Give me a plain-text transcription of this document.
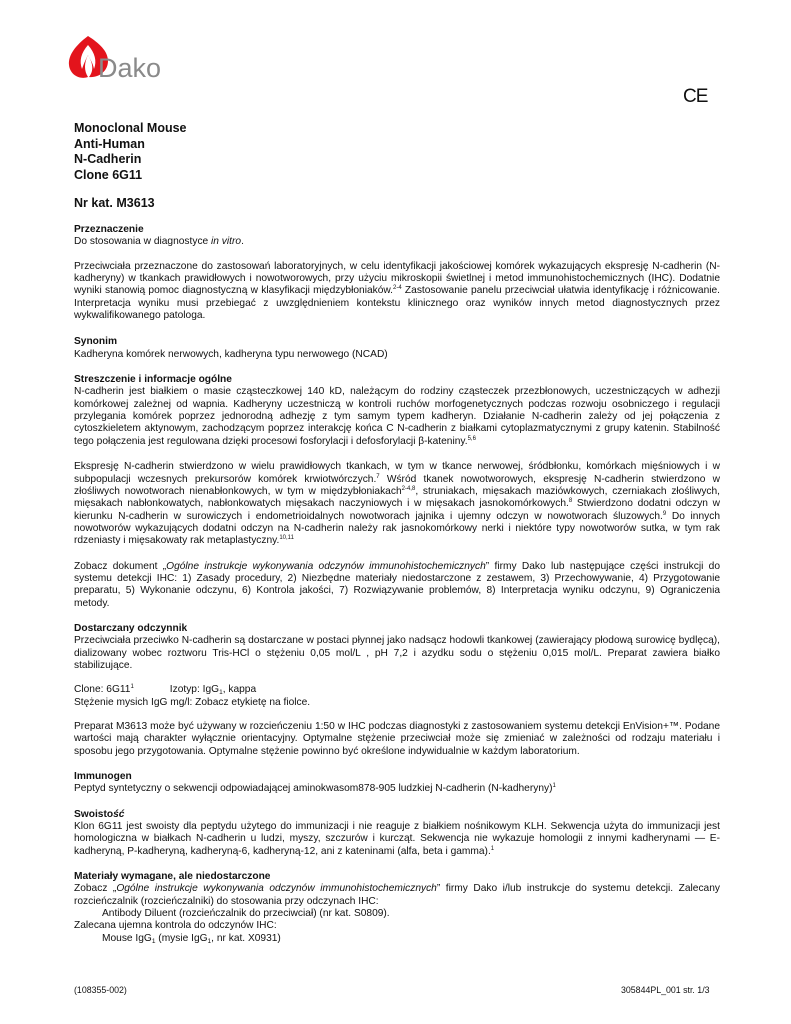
Dako
CE
Monoclonal Mouse
Anti-Human
N-Cadherin
Clone 6G11
Nr kat. M3613
Przeznaczenie

Do stosowania w diagnostyce in vitro.

Przeciwciała przeznaczone do zastosowań laboratoryjnych, w celu identyfikacji jakościowej komórek wykazujących ekspresję N-cadherin (N-kadheryny) w tkankach prawidłowych i nowotworowych, przy użyciu mikroskopii świetlnej i metod immunohistochemicznych (IHC). Dodatnie wyniki stanowią pomoc diagnostyczną w klasyfikacji międzybłoniaków.$^{2-4}$ Zastosowanie panelu przeciwciał ułatwia identyfikację i różnicowanie. Interpretacja wyniku musi przebiegać z uwzględnieniem kontekstu klinicznego oraz wyników innych metod diagnostycznych przez wykwalifikowanego patologa.

Synonim

Kadheryna komórek nerwowych, kadheryna typu nerwowego (NCAD)

Streszczenie i informacje ogólne

N-cadherin jest białkiem o masie cząsteczkowej 140 kD, należącym do rodziny cząsteczek przezbłonowych, uczestniczących w adhezji komórkowej zależnej od wapnia. Kadheryny uczestniczą w kontroli ruchów morfogenetycznych podczas rozwoju osobniczego i regulacji przylegania komórek poprzez jednorodną adhezję z tym samym typem kadheryn. Działanie N-cadherin zależy od jej połączenia z cytoszkieletem aktynowym, zachodzącym poprzez interakcję końca C N-cadherin z białkami cytoplazmatycznymi z grupy katenin. Stabilność tego połączenia jest regulowana dzięki procesowi fosforylacji i defosforylacji β-kateniny.$^{5,6}$

Ekspresję N-cadherin stwierdzono w wielu prawidłowych tkankach, w tym w tkance nerwowej, śródbłonku, komórkach mięśniowych i w subpopulacji wczesnych prekursorów komórek krwiotwórczych.$^7$ Wśród tkanek nowotworowych, ekspresję N-cadherin stwierdzono w złośliwych nowotworach nienabłonkowych, w tym w międzybłoniakach$^{2-4,8}$, struniakach, mięsakach maziówkowych, czerniakach złośliwych, mięsakach nabłonkowatych, nabłonkowatych mięsakach naczyniowych i w mięsakach jasnokomórkowych.$^8$ Stwierdzono dodatni odczyn w kierunku N-cadherin w surowiczych i endometrioidalnych nowotworach jajnika i ujemny odczyn w nowotworach śluzowych.$^9$ Do innych nowotworów wykazujących dodatni odczyn na N-cadherin należy rak jasnokomórkowy nerki i niektóre typy nowotworów sutka, w tym rak rdzeniasty i mięsakowaty rak metaplastyczny.$^{10,11}$

Zobacz dokument „Ogólne instrukcje wykonywania odczynów immunohistochemicznych” firmy Dako lub następujące części instrukcji do systemu detekcji IHC: 1) Zasady procedury, 2) Niezbędne materiały niedostarczone z zestawem, 3) Przechowywanie, 4) Przygotowanie preparatu, 5) Wykonanie odczynu, 6) Kontrola jakości, 7) Rozwiązywanie problemów, 8) Interpretacja wyniku odczynu, 9) Ograniczenia metody.

Dostarczany odczynnik

Przeciwciała przeciwko N-cadherin są dostarczane w postaci płynnej jako nadsącz hodowli tkankowej (zawierający płodową surowicę bydlęcą), dializowany wobec roztworu Tris-HCl o stężeniu 0,05 mol/L , pH 7,2 i azydku sodu o stężeniu 0,015 mol/L. Preparat zawiera białko stabilizujące.

Clone: $6G11^1$	Izotyp: IgG$_1$, kappa

Stężenie mysich IgG mg/l: Zobacz etykietę na fiolce.

Preparat M3613 może być używany w rozcieńczeniu 1:50 w IHC podczas diagnostyki z zastosowaniem systemu detekcji EnVision+™. Podane wartości mają charakter wyłącznie orientacyjny. Optymalne stężenie przeciwciał może się zmieniać w zależności od rodzaju materiału i sposobu jego przygotowania. Optymalne stężenie powinno być określone indywidualnie w każdym laboratorium.

Immunogen

Peptyd syntetyczny o sekwencji odpowiadającej aminokwasom878-905 ludzkiej N-cadherin (N-kadheryny)$^1$

Swoistość

Klon 6G11 jest swoisty dla peptydu użytego do immunizacji i nie reaguje z białkiem nośnikowym KLH. Sekwencja użyta do immunizacji jest homologiczna w białkach N-cadherin u ludzi, myszy, szczurów i kurcząt. Sekwencja nie wykazuje homologii z innymi kadherynami — E-kadheryną, P-kadheryną, kadheryną-6, kadheryną-12, ani z kateninami (alfa, beta i gamma).$^1$

Materiały wymagane, ale niedostarczone

Zobacz „Ogólne instrukcje wykonywania odczynów immunohistochemicznych” firmy Dako i/lub instrukcje do systemu detekcji. Zalecany rozcieńczalnik (rozcieńczalniki) do stosowania przy odczynach IHC:

Antibody Diluent (rozcieńczalnik do przeciwciał) (nr kat. S0809).

Zalecana ujemna kontrola do odczynów IHC:

Mouse IgG$_1$ (mysie IgG$_1$, nr kat. X0931)

(108355-002)	305844PL_001 str. 1/3
